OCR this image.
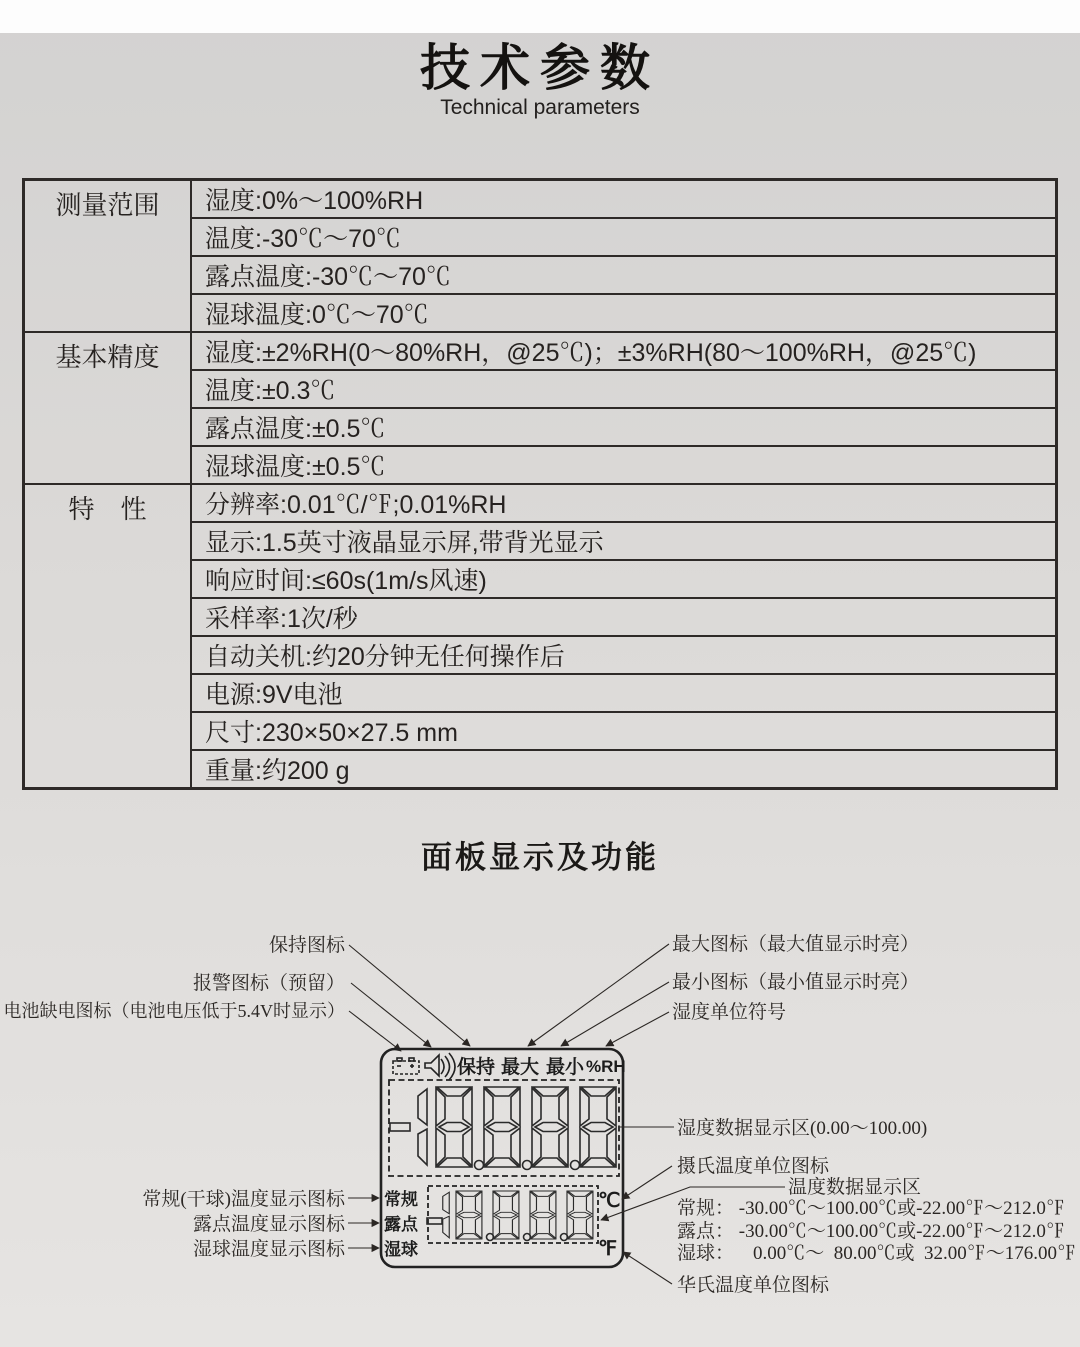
技术参数
Technical parameters
测量范围	湿度:0%～100%RH
	温度:-30℃～70℃
	露点温度:-30℃～70℃
	湿球温度:0℃～70℃
基本精度	湿度:±2%RH(0～80%RH，@25℃)；±3%RH(80～100%RH，@25℃)
	温度:±0.3℃
	露点温度:±0.5℃
	湿球温度:±0.5℃
特　性	分辨率:0.01℃/℉;0.01%RH
	显示:1.5英寸液晶显示屏,带背光显示
	响应时间:≤60s(1m/s风速)
	采样率:1次/秒
	自动关机:约20分钟无任何操作后
	电源:9V电池
	尺寸:230×50×27.5 mm
	重量:约200 g
面板显示及功能
保持图标
报警图标（预留）
电池缺电图标（电池电压低于5.4V时显示）
最大图标（最大值显示时亮）
最小图标（最小值显示时亮）
湿度单位符号
保持 最大 最小 %RH
常规
露点
湿球
℃
℉
常规(干球)温度显示图标
露点温度显示图标
湿球温度显示图标
湿度数据显示区(0.00～100.00)
摄氏温度单位图标
温度数据显示区
常规： -30.00℃～100.00℃或-22.00℉～212.0℉
露点： -30.00℃～100.00℃或-22.00℉～212.0℉
湿球：    0.00℃～  80.00℃或  32.00℉～176.00℉
华氏温度单位图标
